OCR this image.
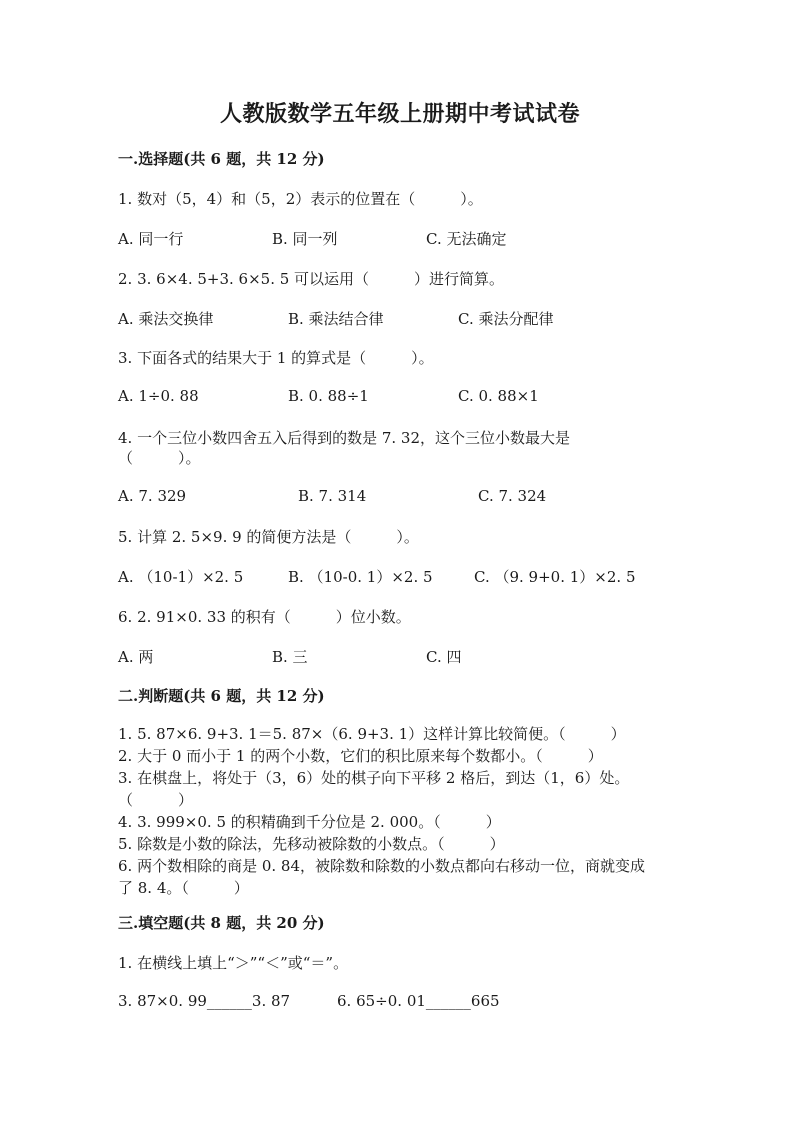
人教版数学五年级上册期中考试试卷
一.选择题(共 6 题，共 12 分)
1. 数对（5，4）和（5，2）表示的位置在（　　　）。
A. 同一行	B. 同一列	C. 无法确定
2. 3. 6×4. 5+3. 6×5. 5 可以运用（　　　）进行简算。
A. 乘法交换律	B. 乘法结合律	C. 乘法分配律
3. 下面各式的结果大于 1 的算式是（　　　）。
A. 1÷0. 88	B. 0. 88÷1	C. 0. 88×1
4. 一个三位小数四舍五入后得到的数是 7. 32，这个三位小数最大是
（　　　）。
A. 7. 329	B. 7. 314	C. 7. 324
5. 计算 2. 5×9. 9 的简便方法是（　　　）。
A. （10-1）×2. 5	B. （10-0. 1）×2. 5	C. （9. 9+0. 1）×2. 5
6. 2. 91×0. 33 的积有（　　　）位小数。
A. 两	B. 三	C. 四
二.判断题(共 6 题，共 12 分)
1. 5. 87×6. 9+3. 1＝5. 87×（6. 9+3. 1）这样计算比较简便。（　　　）
2. 大于 0 而小于 1 的两个小数，它们的积比原来每个数都小。（　　　）
3. 在棋盘上，将处于（3，6）处的棋子向下平移 2 格后，到达（1，6）处。
（　　　）
4. 3. 999×0. 5 的积精确到千分位是 2. 000。（　　　）
5. 除数是小数的除法，先移动被除数的小数点。（　　　）
6. 两个数相除的商是 0. 84，被除数和除数的小数点都向右移动一位，商就变成
了 8. 4。（　　　）
三.填空题(共 8 题，共 20 分)
1. 在横线上填上“＞”“＜”或“＝”。
3. 87×0. 99______3. 87	6. 65÷0. 01______665
